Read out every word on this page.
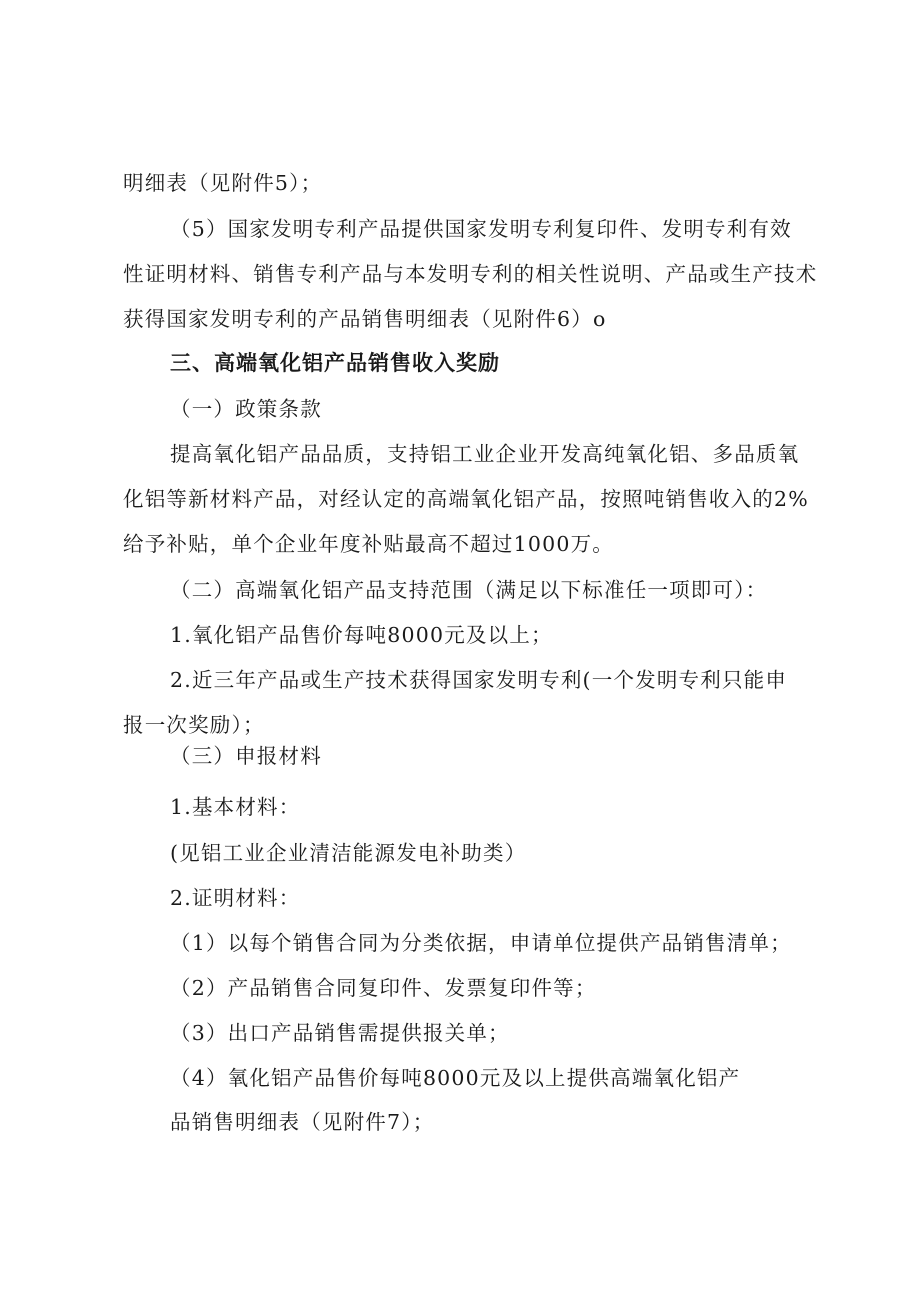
明细表（见附件5）；
（5）国家发明专利产品提供国家发明专利复印件、发明专利有效
性证明材料、销售专利产品与本发明专利的相关性说明、产品或生产技术
获得国家发明专利的产品销售明细表（见附件6）o
三、高端氧化铝产品销售收入奖励
（一）政策条款
提高氧化铝产品品质，支持铝工业企业开发高纯氧化铝、多品质氧
化铝等新材料产品，对经认定的高端氧化铝产品，按照吨销售收入的2%
给予补贴，单个企业年度补贴最高不超过1000万。
（二）高端氧化铝产品支持范围（满足以下标准任一项即可）：
1.氧化铝产品售价每吨8000元及以上；
2.近三年产品或生产技术获得国家发明专利(一个发明专利只能申
报一次奖励）；
（三）申报材料
1.基本材料：
(见铝工业企业清洁能源发电补助类）
2.证明材料：
（1）以每个销售合同为分类依据，申请单位提供产品销售清单；
（2）产品销售合同复印件、发票复印件等；
（3）出口产品销售需提供报关单；
（4）氧化铝产品售价每吨8000元及以上提供高端氧化铝产
品销售明细表（见附件7）；
